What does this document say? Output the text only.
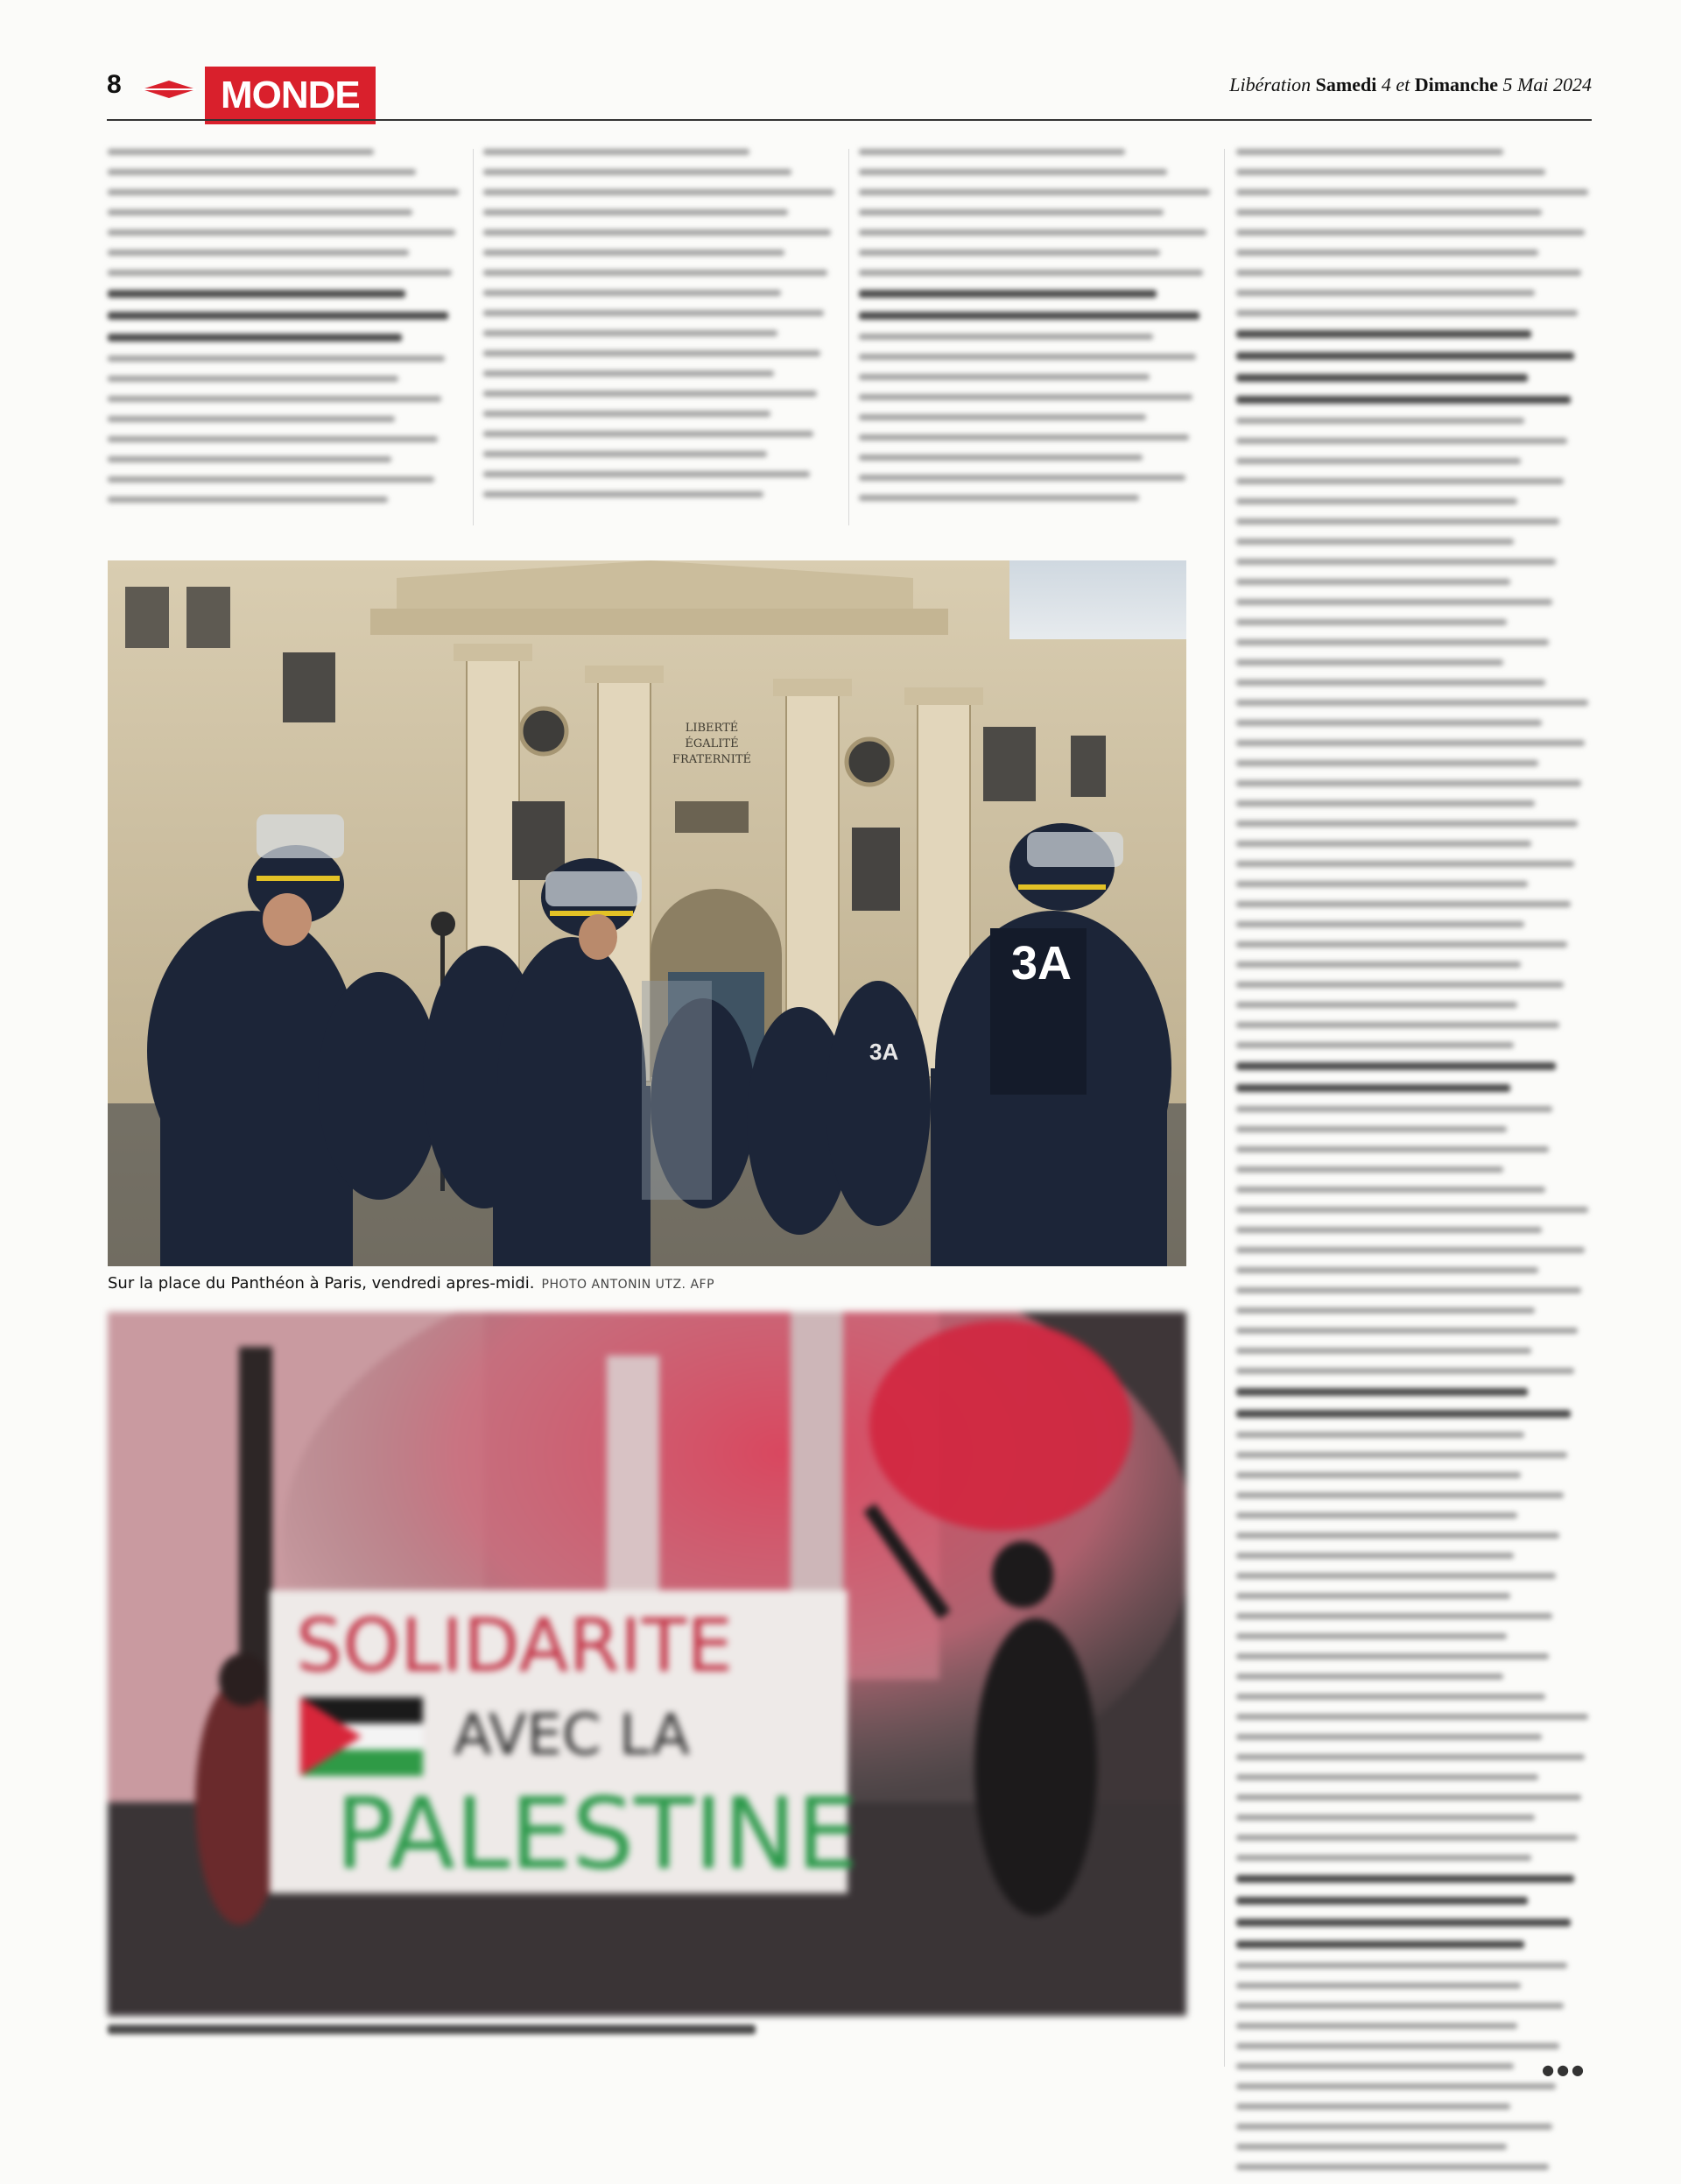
8	MONDE	Libération Samedi 4 et Dimanche 5 Mai 2024
LIBERTÉ
ÉGALITÉ
FRATERNITÉ
3A
3A
Sur la place du Panthéon à Paris, vendredi apres-midi. PHOTO ANTONIN UTZ. AFP
SOLIDARITE
AVEC LA
PALESTINE
●●●
